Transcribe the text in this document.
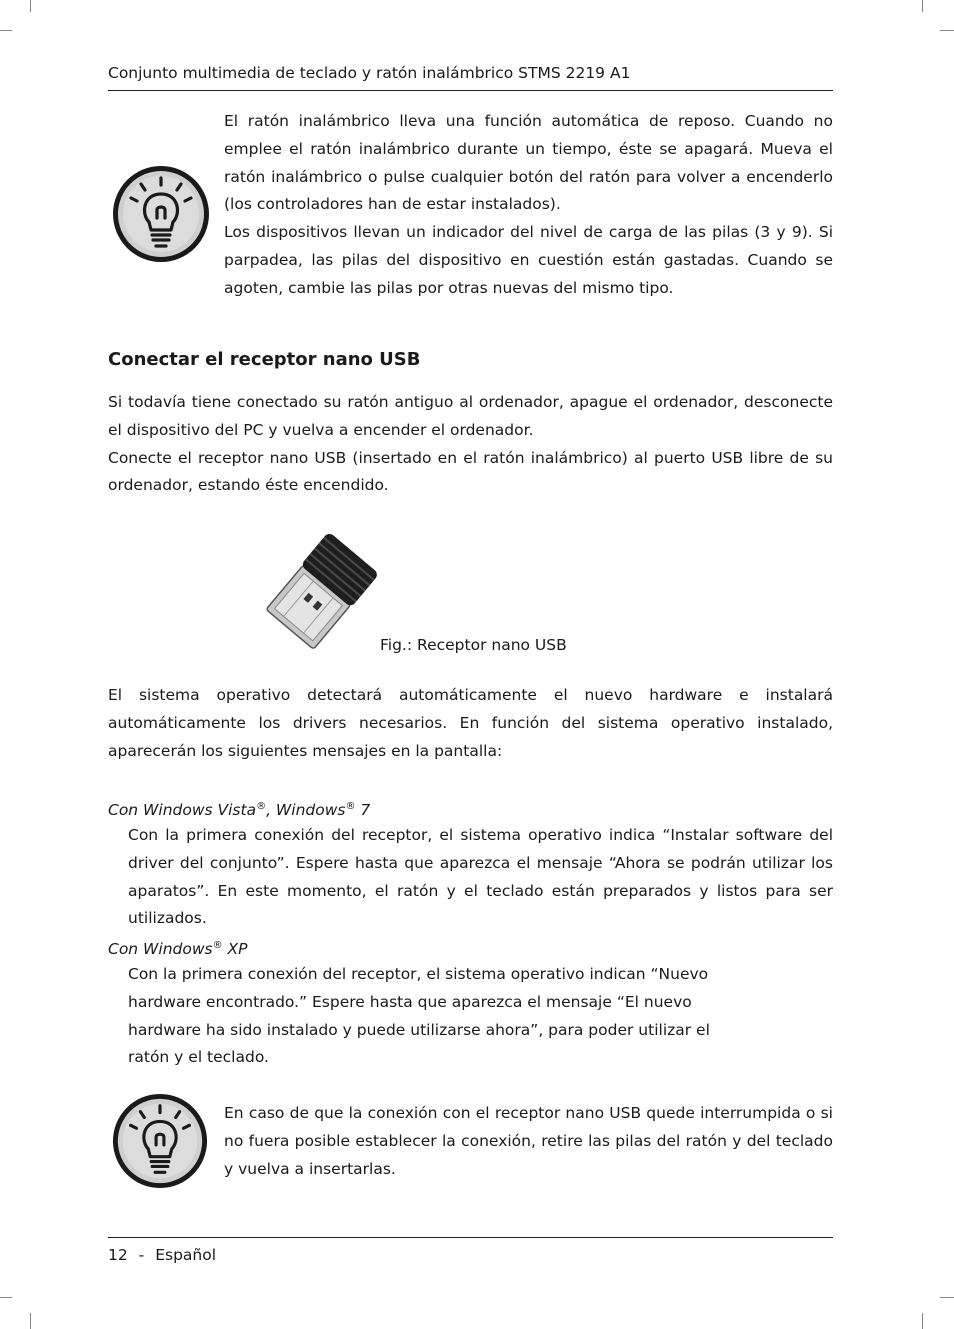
Conjunto multimedia de teclado y ratón inalámbrico STMS 2219 A1
El ratón inalámbrico lleva una función automática de reposo. Cuando no emplee el ratón inalámbrico durante un tiempo, éste se apagará. Mueva el ratón inalámbrico o pulse cualquier botón del ratón para volver a encenderlo (los controladores han de estar instalados).
Los dispositivos llevan un indicador del nivel de carga de las pilas (3 y 9). Si parpadea, las pilas del dispositivo en cuestión están gastadas. Cuando se agoten, cambie las pilas por otras nuevas del mismo tipo.
Conectar el receptor nano USB
Si todavía tiene conectado su ratón antiguo al ordenador, apague el ordenador, desconecte el dispositivo del PC y vuelva a encender el ordenador.
Conecte el receptor nano USB (insertado en el ratón inalámbrico) al puerto USB libre de su ordenador, estando éste encendido.
Fig.: Receptor nano USB
El sistema operativo detectará automáticamente el nuevo hardware e instalará automáticamente los drivers necesarios. En función del sistema operativo instalado, aparecerán los siguientes mensajes en la pantalla:
Con Windows Vista®, Windows® 7
Con la primera conexión del receptor, el sistema operativo indica “Instalar software del driver del conjunto”. Espere hasta que aparezca el mensaje “Ahora se podrán utilizar los aparatos”. En este momento, el ratón y el teclado están preparados y listos para ser utilizados.
Con Windows® XP
Con la primera conexión del receptor, el sistema operativo indican “Nuevo
hardware encontrado.” Espere hasta que aparezca el mensaje “El nuevo
hardware ha sido instalado y puede utilizarse ahora”, para poder utilizar el
ratón y el teclado.
En caso de que la conexión con el receptor nano USB quede interrumpida o si no fuera posible establecer la conexión, retire las pilas del ratón y del teclado y vuelva a insertarlas.
12 - Español
